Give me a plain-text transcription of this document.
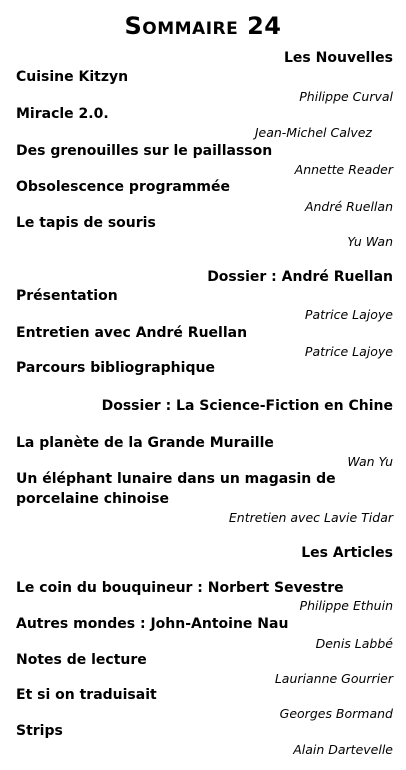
Sommaire 24
Les Nouvelles
Cuisine Kitzyn
Philippe Curval
Miracle 2.0.
Jean-Michel Calvez
Des grenouilles sur le paillasson
Annette Reader
Obsolescence programmée
André Ruellan
Le tapis de souris
Yu Wan
Dossier : André Ruellan
Présentation
Patrice Lajoye
Entretien avec André Ruellan
Patrice Lajoye
Parcours bibliographique
Dossier : La Science-Fiction en Chine
La planète de la Grande Muraille
Wan Yu
Un éléphant lunaire dans un magasin de
porcelaine chinoise
Entretien avec Lavie Tidar
Les Articles
Le coin du bouquineur : Norbert Sevestre
Philippe Ethuin
Autres mondes : John-Antoine Nau
Denis Labbé
Notes de lecture
Laurianne Gourrier
Et si on traduisait
Georges Bormand
Strips
Alain Dartevelle
